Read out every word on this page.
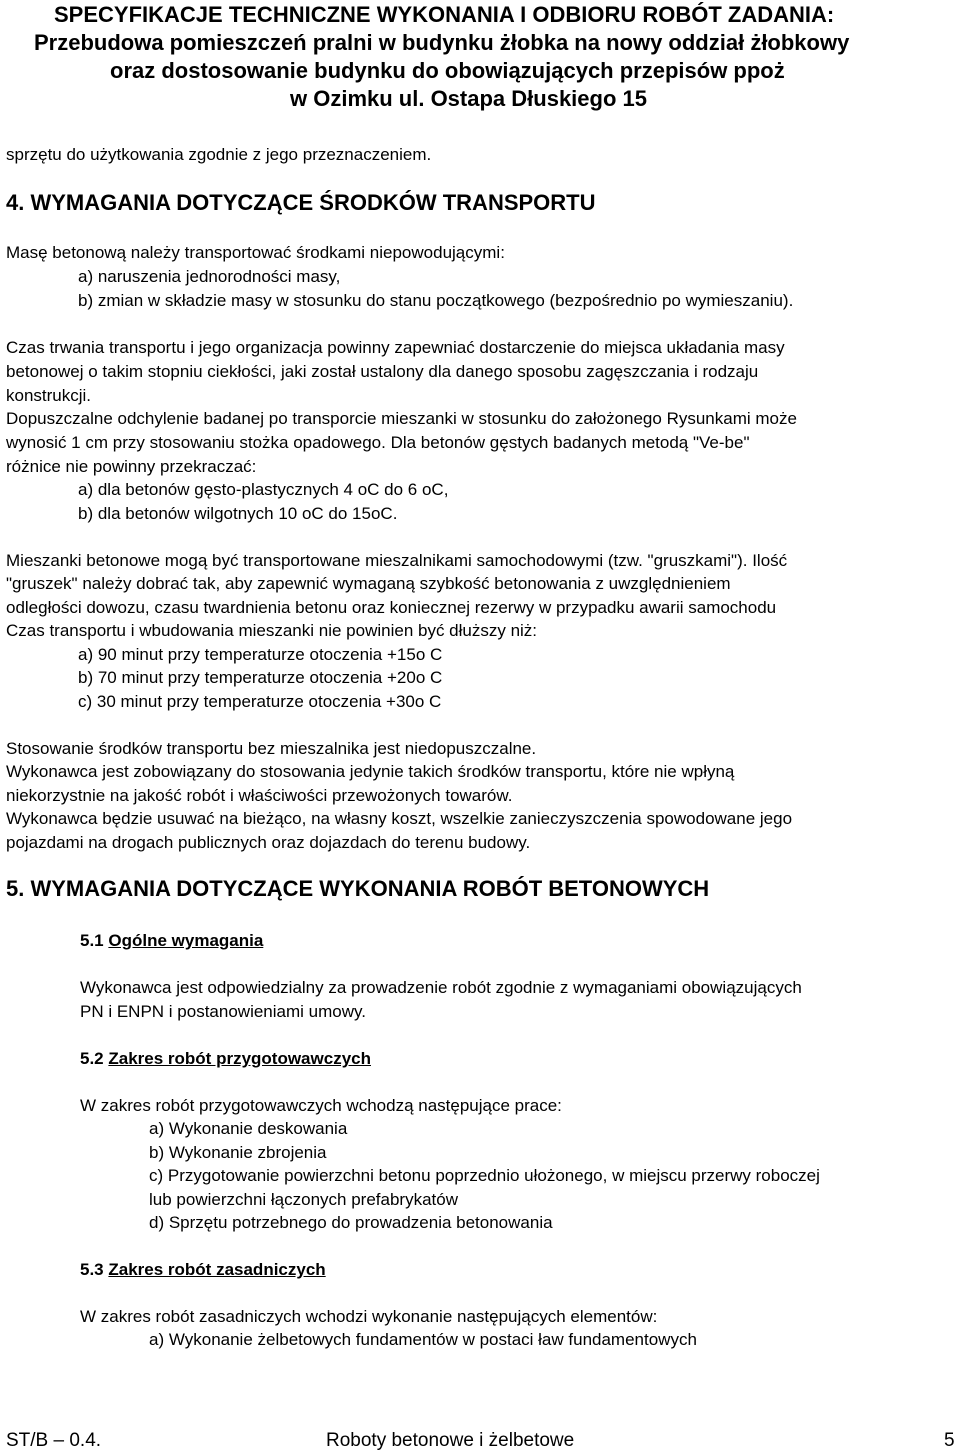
SPECYFIKACJE TECHNICZNE WYKONANIA I ODBIORU ROBÓT ZADANIA:
Przebudowa pomieszczeń pralni w budynku żłobka na nowy oddział żłobkowy
oraz dostosowanie budynku do obowiązujących przepisów ppoż
w Ozimku ul. Ostapa Dłuskiego 15
sprzętu do użytkowania zgodnie z jego przeznaczeniem.
4. WYMAGANIA DOTYCZĄCE ŚRODKÓW TRANSPORTU
Masę betonową należy transportować środkami niepowodującymi:
a) naruszenia jednorodności masy,
b) zmian w składzie masy w stosunku do stanu początkowego (bezpośrednio po wymieszaniu).
Czas trwania transportu i jego organizacja powinny zapewniać dostarczenie do miejsca układania masy
betonowej o takim stopniu ciekłości, jaki został ustalony dla danego sposobu zagęszczania i rodzaju
konstrukcji.
Dopuszczalne odchylenie badanej po transporcie mieszanki w stosunku do założonego Rysunkami może
wynosić 1 cm przy stosowaniu stożka opadowego. Dla betonów gęstych badanych metodą "Ve-be"
różnice nie powinny przekraczać:
a) dla betonów gęsto-plastycznych 4 oC do 6 oC,
b) dla betonów wilgotnych 10 oC do 15oC.
Mieszanki betonowe mogą być transportowane mieszalnikami samochodowymi (tzw. "gruszkami"). Ilość
"gruszek" należy dobrać tak, aby zapewnić wymaganą szybkość betonowania z uwzględnieniem
odległości dowozu, czasu twardnienia betonu oraz koniecznej rezerwy w przypadku awarii samochodu
Czas transportu i wbudowania mieszanki nie powinien być dłuższy niż:
a) 90 minut przy temperaturze otoczenia +15o C
b) 70 minut przy temperaturze otoczenia +20o C
c) 30 minut przy temperaturze otoczenia +30o C
Stosowanie środków transportu bez mieszalnika jest niedopuszczalne.
Wykonawca jest zobowiązany do stosowania jedynie takich środków transportu, które nie wpłyną
niekorzystnie na jakość robót i właściwości przewożonych towarów.
Wykonawca będzie usuwać na bieżąco, na własny koszt, wszelkie zanieczyszczenia spowodowane jego
pojazdami na drogach publicznych oraz dojazdach do terenu budowy.
5. WYMAGANIA DOTYCZĄCE WYKONANIA ROBÓT BETONOWYCH
5.1 Ogólne wymagania
Wykonawca jest odpowiedzialny za prowadzenie robót zgodnie z wymaganiami obowiązujących
PN i ENPN i postanowieniami umowy.
5.2 Zakres robót przygotowawczych
W zakres robót przygotowawczych wchodzą następujące prace:
a) Wykonanie deskowania
b) Wykonanie zbrojenia
c) Przygotowanie powierzchni betonu poprzednio ułożonego, w miejscu przerwy roboczej
lub powierzchni łączonych prefabrykatów
d) Sprzętu potrzebnego do prowadzenia betonowania
5.3 Zakres robót zasadniczych
W zakres robót zasadniczych wchodzi wykonanie następujących elementów:
a) Wykonanie żelbetowych fundamentów w postaci ław fundamentowych
ST/B – 0.4.	Roboty betonowe i żelbetowe	5
